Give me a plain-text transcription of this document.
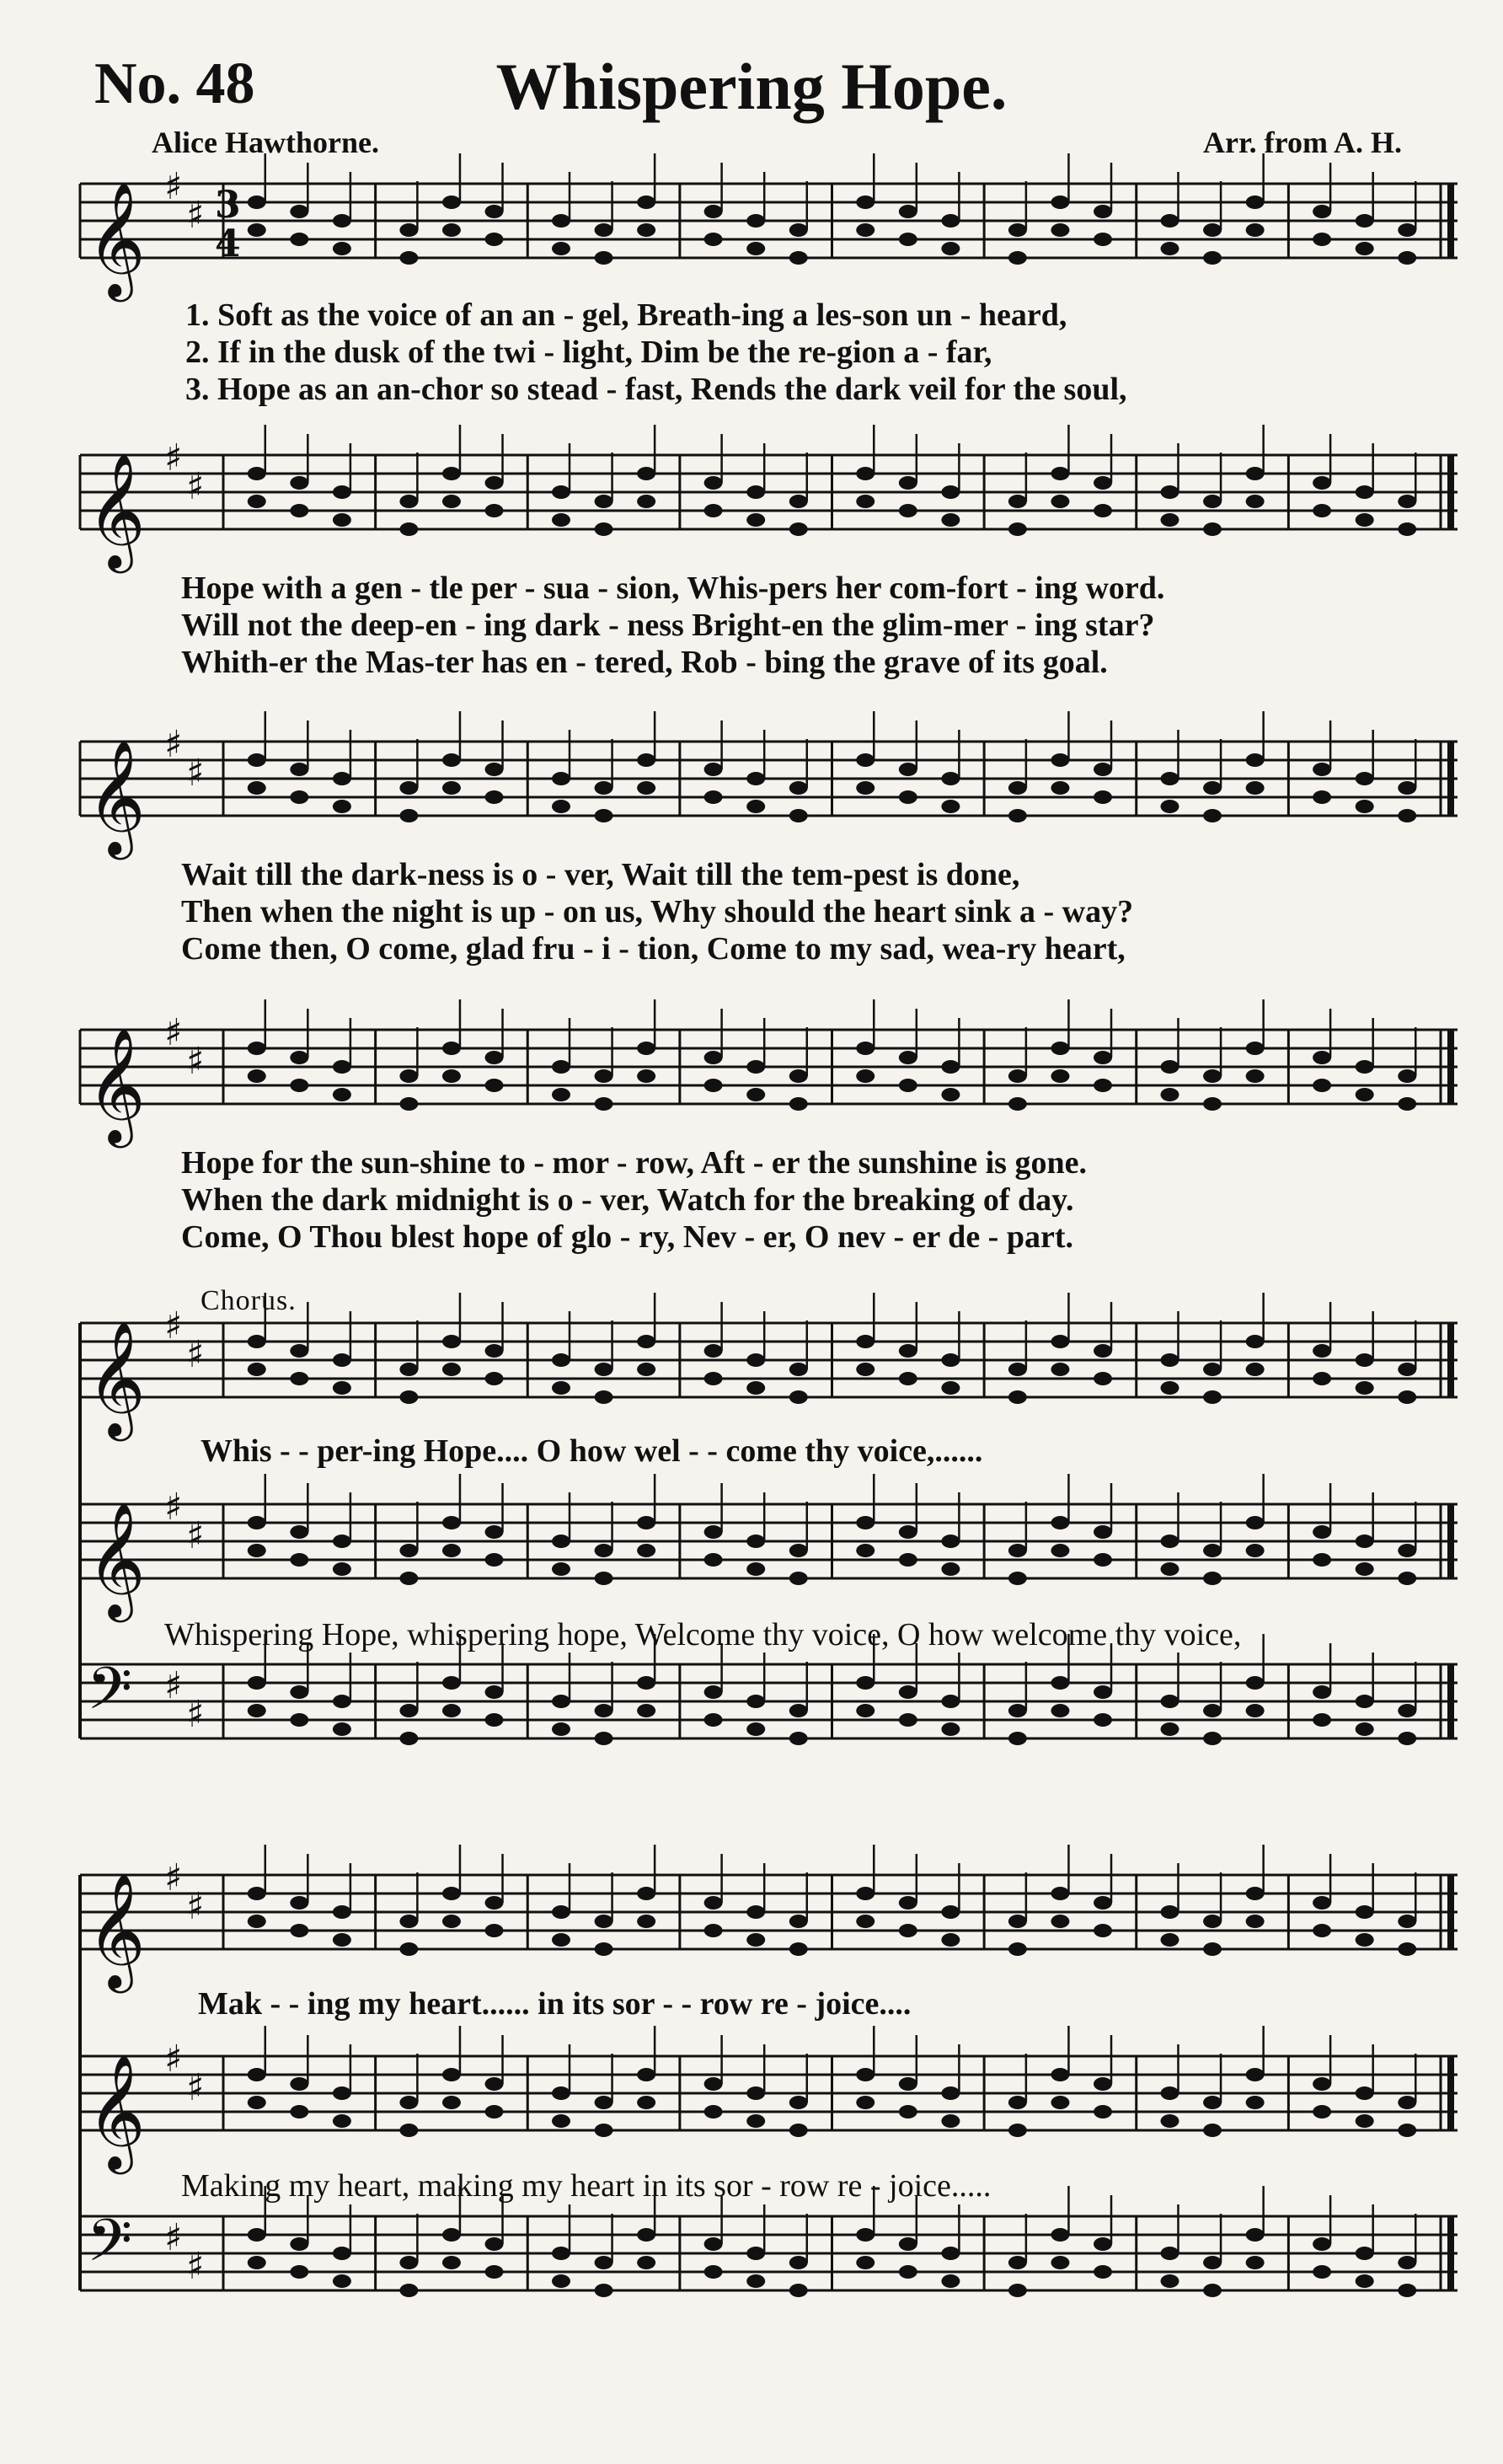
No. 48	Whispering Hope.
Alice Hawthorne.	Arr. from A. H.
𝄞 ♯
♯ 3
4
𝄞 ♯
♯
𝄞 ♯
♯
𝄞 ♯
♯
𝄞 ♯
♯
𝄞 ♯
♯
𝄢 ♯
♯
𝄞 ♯
♯
𝄞 ♯
♯
𝄢 ♯
♯
1. Soft as the voice of an an - gel, Breath-ing a les-son un - heard,
2. If in the dusk of the twi - light, Dim be the re-gion a - far,
3. Hope as an an-chor so stead - fast, Rends the dark veil for the soul,
Hope with a gen - tle per - sua - sion, Whis-pers her com-fort - ing word.
Will not the deep-en - ing dark - ness Bright-en the glim-mer - ing star?
Whith-er the Mas-ter has en - tered, Rob - bing the grave of its goal.
Wait till the dark-ness is o - ver, Wait till the tem-pest is done,
Then when the night is up - on us, Why should the heart sink a - way?
Come then, O come, glad fru - i - tion, Come to my sad, wea-ry heart,
Hope for the sun-shine to - mor - row, Aft - er the sunshine is gone.
When the dark midnight is o - ver, Watch for the breaking of day.
Come, O Thou blest hope of glo - ry, Nev - er, O nev - er de - part.
Chorus.
Whis - - per-ing Hope.... O how wel - - come thy voice,......
Whispering Hope, whispering hope, Welcome thy voice, O how welcome thy voice,
Mak - - ing my heart...... in its sor - - row re - joice....
Making my heart, making my heart in its sor - row re - joice.....
